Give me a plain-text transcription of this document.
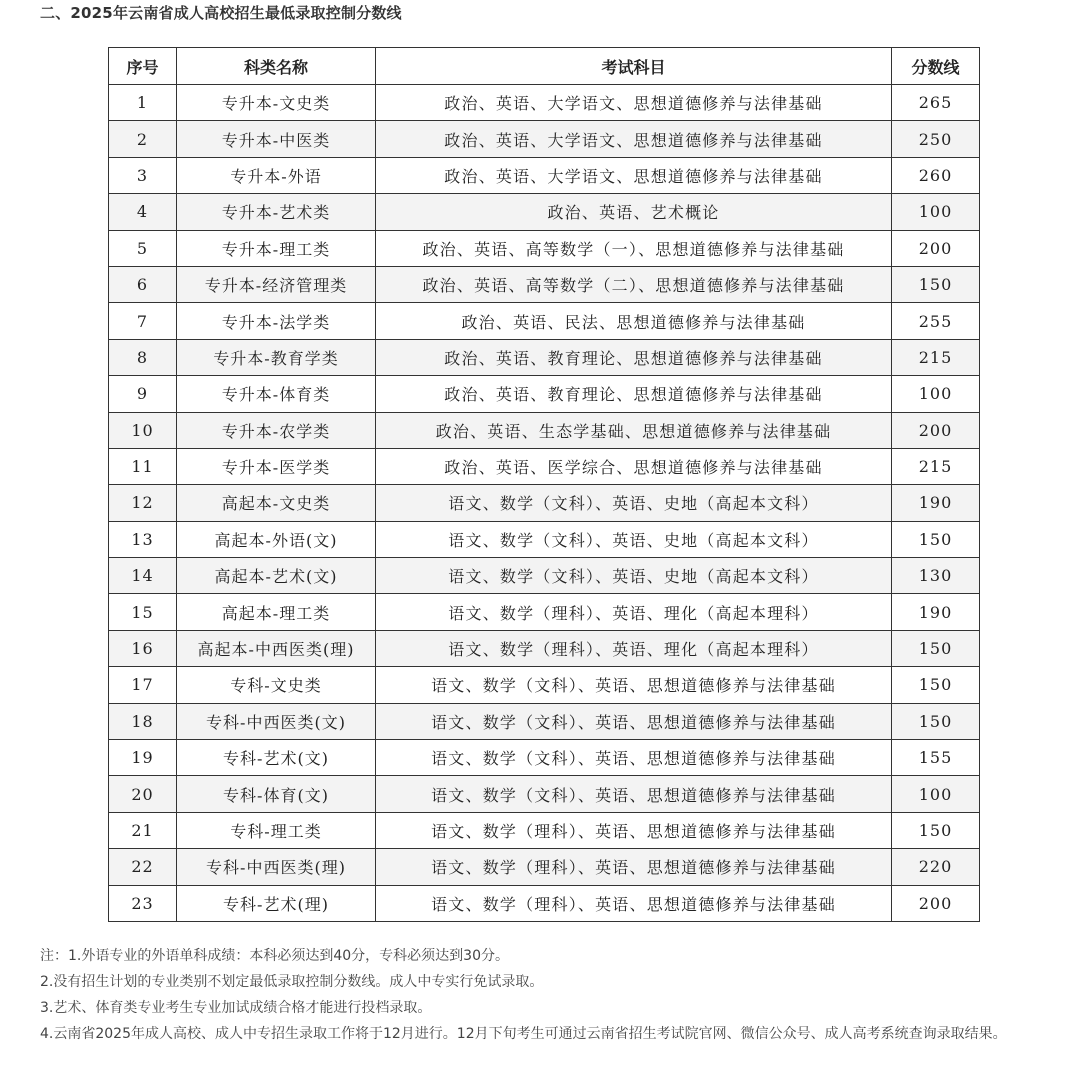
二、2025年云南省成人高校招生最低录取控制分数线
序号	科类名称	考试科目	分数线
1	专升本-文史类	政治、英语、大学语文、思想道德修养与法律基础	265
2	专升本-中医类	政治、英语、大学语文、思想道德修养与法律基础	250
3	专升本-外语	政治、英语、大学语文、思想道德修养与法律基础	260
4	专升本-艺术类	政治、英语、艺术概论	100
5	专升本-理工类	政治、英语、高等数学（一）、思想道德修养与法律基础	200
6	专升本-经济管理类	政治、英语、高等数学（二）、思想道德修养与法律基础	150
7	专升本-法学类	政治、英语、民法、思想道德修养与法律基础	255
8	专升本-教育学类	政治、英语、教育理论、思想道德修养与法律基础	215
9	专升本-体育类	政治、英语、教育理论、思想道德修养与法律基础	100
10	专升本-农学类	政治、英语、生态学基础、思想道德修养与法律基础	200
11	专升本-医学类	政治、英语、医学综合、思想道德修养与法律基础	215
12	高起本-文史类	语文、数学（文科）、英语、史地（高起本文科）	190
13	高起本-外语(文)	语文、数学（文科）、英语、史地（高起本文科）	150
14	高起本-艺术(文)	语文、数学（文科）、英语、史地（高起本文科）	130
15	高起本-理工类	语文、数学（理科）、英语、理化（高起本理科）	190
16	高起本-中西医类(理)	语文、数学（理科）、英语、理化（高起本理科）	150
17	专科-文史类	语文、数学（文科）、英语、思想道德修养与法律基础	150
18	专科-中西医类(文)	语文、数学（文科）、英语、思想道德修养与法律基础	150
19	专科-艺术(文)	语文、数学（文科）、英语、思想道德修养与法律基础	155
20	专科-体育(文)	语文、数学（文科）、英语、思想道德修养与法律基础	100
21	专科-理工类	语文、数学（理科）、英语、思想道德修养与法律基础	150
22	专科-中西医类(理)	语文、数学（理科）、英语、思想道德修养与法律基础	220
23	专科-艺术(理)	语文、数学（理科）、英语、思想道德修养与法律基础	200
注：1.外语专业的外语单科成绩：本科必须达到40分，专科必须达到30分。
2.没有招生计划的专业类别不划定最低录取控制分数线。成人中专实行免试录取。
3.艺术、体育类专业考生专业加试成绩合格才能进行投档录取。
4.云南省2025年成人高校、成人中专招生录取工作将于12月进行。12月下旬考生可通过云南省招生考试院官网、微信公众号、成人高考系统查询录取结果。
